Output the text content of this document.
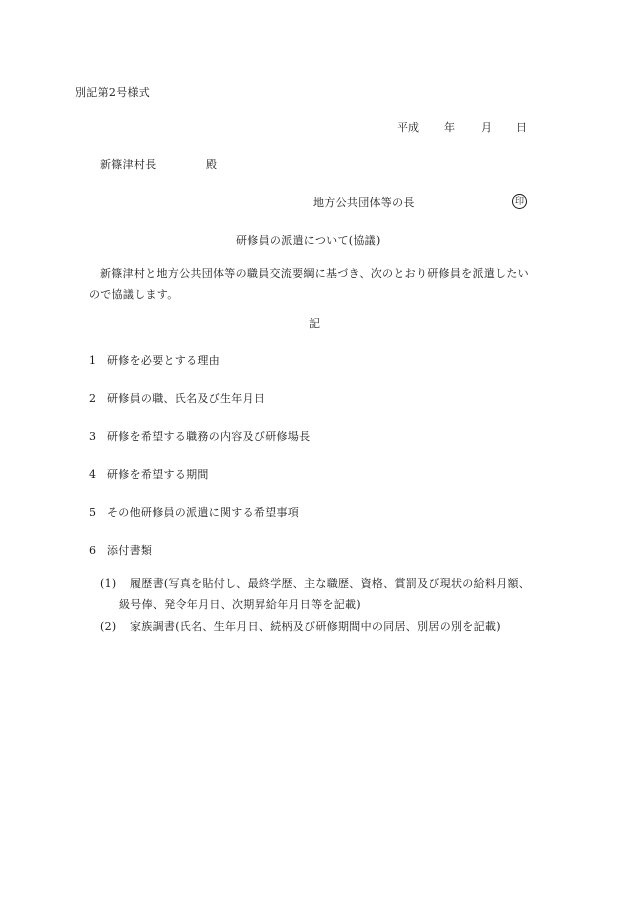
別記第2号様式
平成 年 月 日
新篠津村長	殿
地方公共団体等の長	印
研修員の派遣について(協議)
新篠津村と地方公共団体等の職員交流要綱に基づき、次のとおり研修員を派遣したい
ので協議します。
記
1 研修を必要とする理由
2 研修員の職、氏名及び生年月日
3 研修を希望する職務の内容及び研修場長
4 研修を希望する期間
5 その他研修員の派遣に関する希望事項
6 添付書類
(1) 履歴書(写真を貼付し、最終学歴、主な職歴、資格、賞罰及び現状の給料月額、
級号俸、発令年月日、次期昇給年月日等を記載)
(2) 家族調書(氏名、生年月日、続柄及び研修期間中の同居、別居の別を記載)
